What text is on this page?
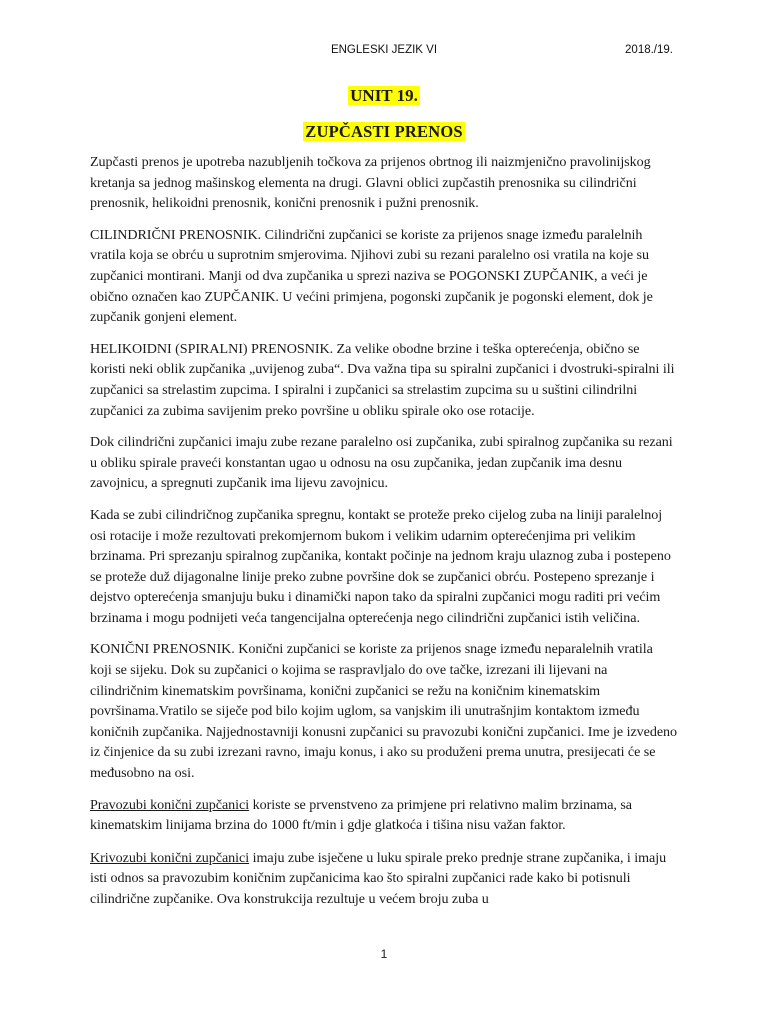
ENGLESKI JEZIK VI	2018./19.
UNIT 19.
ZUPČASTI PRENOS

Zupčasti prenos je upotreba nazubljenih točkova za prijenos obrtnog ili naizmjenično pravolinijskog kretanja sa jednog mašinskog elementa na drugi. Glavni oblici zupčastih prenosnika su cilindrični prenosnik, helikoidni prenosnik, konični prenosnik i pužni prenosnik.

CILINDRIČNI PRENOSNIK. Cilindrični zupčanici se koriste za prijenos snage između paralelnih vratila koja se obrću u suprotnim smjerovima. Njihovi zubi su rezani paralelno osi vratila na koje su zupčanici montirani. Manji od dva zupčanika u sprezi naziva se POGONSKI ZUPČANIK, a veći je obično označen kao ZUPČANIK. U većini primjena, pogonski zupčanik je pogonski element, dok je zupčanik gonjeni element.

HELIKOIDNI (SPIRALNI) PRENOSNIK. Za velike obodne brzine i teška opterećenja, obično se koristi neki oblik zupčanika „uvijenog zuba“. Dva važna tipa su spiralni zupčanici i dvostruki-spiralni ili zupčanici sa strelastim zupcima. I spiralni i zupčanici sa strelastim zupcima su u suštini cilindrilni zupčanici za zubima savijenim preko površine u obliku spirale oko ose rotacije.

Dok cilindrični zupčanici imaju zube rezane paralelno osi zupčanika, zubi spiralnog zupčanika su rezani u obliku spirale praveći konstantan ugao u odnosu na osu zupčanika, jedan zupčanik ima desnu zavojnicu, a spregnuti zupčanik ima lijevu zavojnicu.

Kada se zubi cilindričnog zupčanika spregnu, kontakt se proteže preko cijelog zuba na liniji paralelnoj osi rotacije i može rezultovati prekomjernom bukom i velikim udarnim opterećenjima pri velikim brzinama. Pri sprezanju spiralnog zupčanika, kontakt počinje na jednom kraju ulaznog zuba i postepeno se proteže duž dijagonalne linije preko zubne površine dok se zupčanici obrću. Postepeno sprezanje i dejstvo opterećenja smanjuju buku i dinamički napon tako da spiralni zupčanici mogu raditi pri većim brzinama i mogu podnijeti veća tangencijalna opterećenja nego cilindrični zupčanici istih veličina.

KONIČNI PRENOSNIK. Konični zupčanici se koriste za prijenos snage između neparalelnih vratila koji se sijeku. Dok su zupčanici o kojima se raspravljalo do ove tačke, izrezani ili lijevani na cilindričnim kinematskim površinama, konični zupčanici se režu na koničnim kinematskim površinama.Vratilo se siječe pod bilo kojim uglom, sa vanjskim ili unutrašnjim kontaktom između koničnih zupčanika. Najjednostavniji konusni zupčanici su pravozubi konični zupčanici. Ime je izvedeno iz činjenice da su zubi izrezani ravno, imaju konus, i ako su produženi prema unutra, presijecati će se međusobno na osi.

Pravozubi konični zupčanici koriste se prvenstveno za primjene pri relativno malim brzinama, sa kinematskim linijama brzina do 1000 ft/min i gdje glatkoća i tišina nisu važan faktor.

Krivozubi konični zupčanici imaju zube isječene u luku spirale preko prednje strane zupčanika, i imaju isti odnos sa pravozubim koničnim zupčanicima kao što spiralni zupčanici rade kako bi potisnuli cilindrične zupčanike. Ova konstrukcija rezultuje u većem broju zuba u

1
